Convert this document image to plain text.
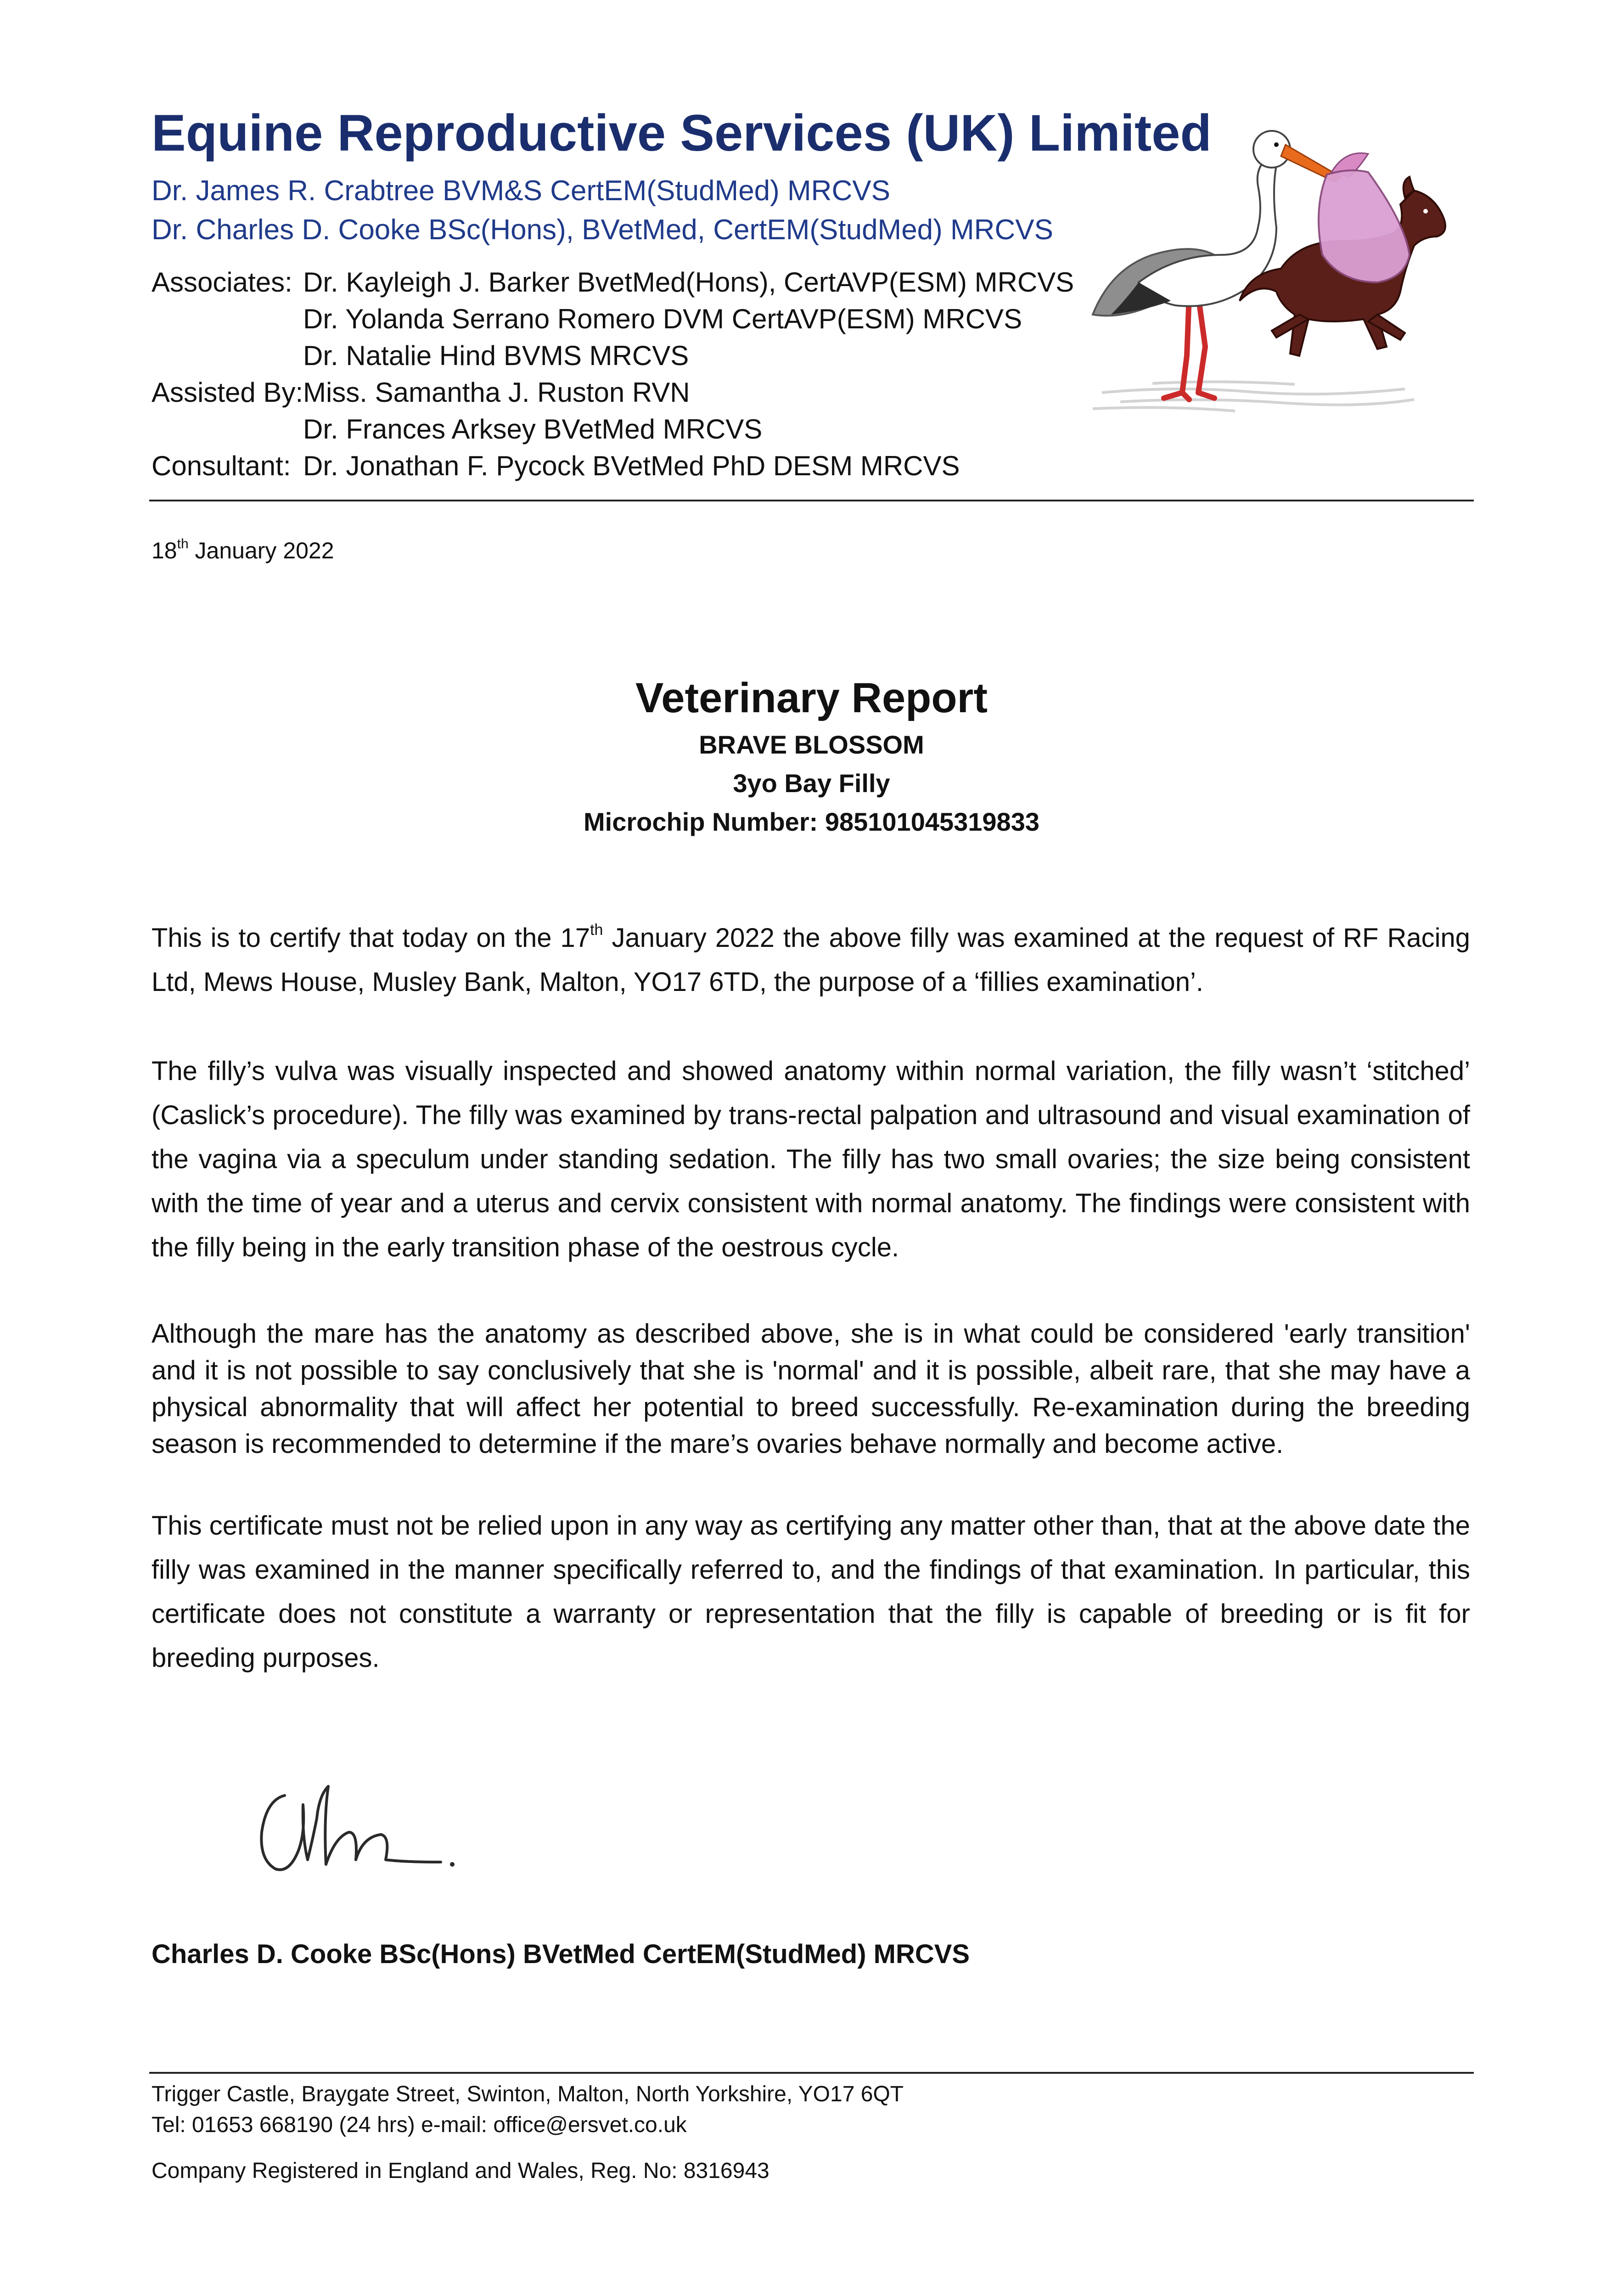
Equine Reproductive Services (UK) Limited
Dr. James R. Crabtree BVM&S CertEM(StudMed) MRCVS
Dr. Charles D. Cooke BSc(Hons), BVetMed, CertEM(StudMed) MRCVS
Associates: Dr. Kayleigh J. Barker BvetMed(Hons), CertAVP(ESM) MRCVS
Dr. Yolanda Serrano Romero DVM CertAVP(ESM) MRCVS
Dr. Natalie Hind BVMS MRCVS
Assisted By: Miss. Samantha J. Ruston RVN
Dr. Frances Arksey BVetMed MRCVS
Consultant: Dr. Jonathan F. Pycock BVetMed PhD DESM MRCVS
18th January 2022
Veterinary Report
BRAVE BLOSSOM
3yo Bay Filly
Microchip Number: 985101045319833
This is to certify that today on the 17th January 2022 the above filly was examined at the request of RF Racing Ltd, Mews House, Musley Bank, Malton, YO17 6TD, the purpose of a ‘fillies examination’.
The filly’s vulva was visually inspected and showed anatomy within normal variation, the filly wasn’t ‘stitched’ (Caslick’s procedure). The filly was examined by trans-rectal palpation and ultrasound and visual examination of the vagina via a speculum under standing sedation. The filly has two small ovaries; the size being consistent with the time of year and a uterus and cervix consistent with normal anatomy. The findings were consistent with the filly being in the early transition phase of the oestrous cycle.
Although the mare has the anatomy as described above, she is in what could be considered 'early transition' and it is not possible to say conclusively that she is 'normal' and it is possible, albeit rare, that she may have a physical abnormality that will affect her potential to breed successfully. Re-examination during the breeding season is recommended to determine if the mare’s ovaries behave normally and become active.
This certificate must not be relied upon in any way as certifying any matter other than, that at the above date the filly was examined in the manner specifically referred to, and the findings of that examination. In particular, this certificate does not constitute a warranty or representation that the filly is capable of breeding or is fit for breeding purposes.
Charles D. Cooke BSc(Hons) BVetMed CertEM(StudMed) MRCVS
Trigger Castle, Braygate Street, Swinton, Malton, North Yorkshire, YO17 6QT
Tel: 01653 668190 (24 hrs) e-mail: office@ersvet.co.uk
Company Registered in England and Wales, Reg. No: 8316943
